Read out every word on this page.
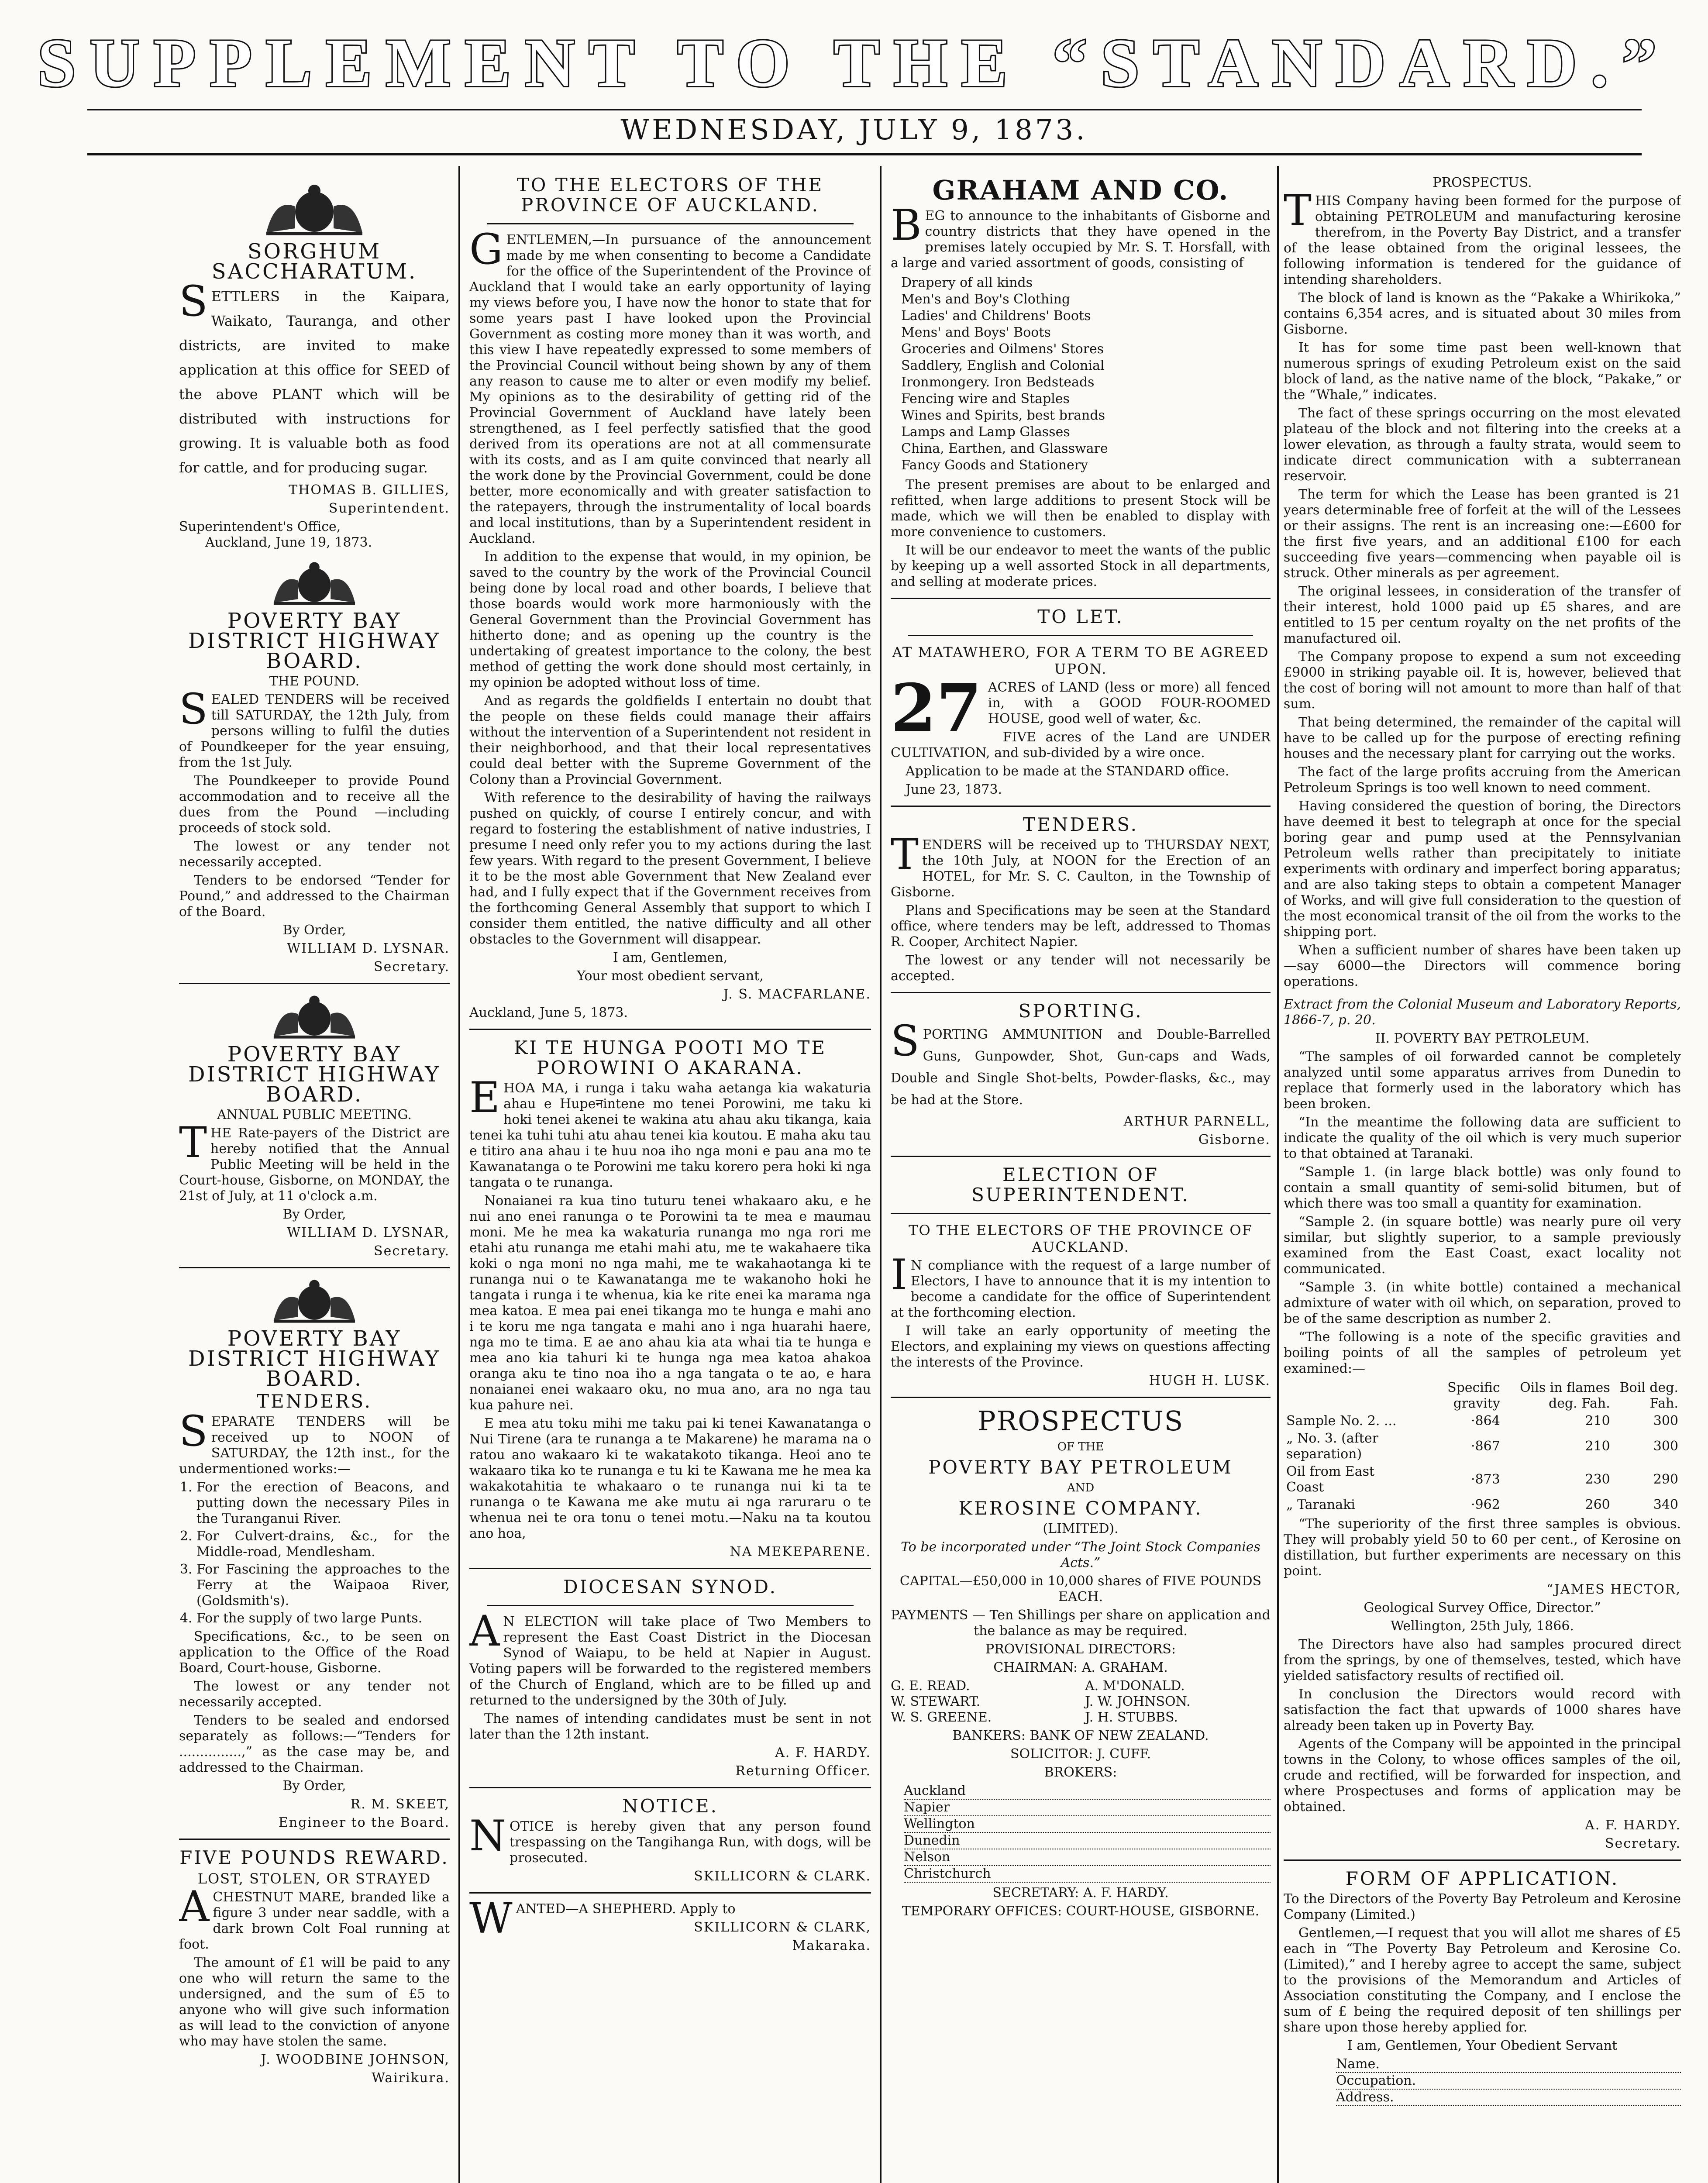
SUPPLEMENT TO THE “STANDARD.”
WEDNESDAY, JULY 9, 1873.
SORGHUM SACCHARATUM.

SETTLERS in the Kaipara, Waikato, Tauranga, and other districts, are invited to make application at this office for SEED of the above PLANT which will be distributed with instructions for growing. It is valuable both as food for cattle, and for producing sugar.

THOMAS B. GILLIES,
Superintendent.
Superintendent's Office,
Auckland, June 19, 1873.
POVERTY BAY DISTRICT HIGHWAY BOARD.
THE POUND.

SEALED TENDERS will be received till SATURDAY, the 12th July, from persons willing to fulfil the duties of Poundkeeper for the year ensuing, from the 1st July.

The Poundkeeper to provide Pound accommodation and to receive all the dues from the Pound —including proceeds of stock sold.

The lowest or any tender not necessarily accepted.

Tenders to be endorsed “Tender for Pound,” and addressed to the Chairman of the Board.

By Order,
WILLIAM D. LYSNAR.
Secretary.
POVERTY BAY DISTRICT HIGHWAY BOARD.
ANNUAL PUBLIC MEETING.

THE Rate-payers of the District are hereby notified that the Annual Public Meeting will be held in the Court-house, Gisborne, on MONDAY, the 21st of July, at 11 o'clock a.m.

By Order,
WILLIAM D. LYSNAR,
Secretary.
POVERTY BAY DISTRICT HIGHWAY BOARD.
TENDERS.

SEPARATE TENDERS will be received up to NOON of SATURDAY, the 12th inst., for the undermentioned works:—

1. For the erection of Beacons, and putting down the necessary Piles in the Turanganui River.
2. For Culvert-drains, &c., for the Middle-road, Mendlesham.
3. For Fascining the approaches to the Ferry at the Waipaoa River, (Goldsmith's).
4. For the supply of two large Punts.

Specifications, &c., to be seen on application to the Office of the Road Board, Court-house, Gisborne.

The lowest or any tender not necessarily accepted.

Tenders to be sealed and endorsed separately as follows:—“Tenders for ...............,” as the case may be, and addressed to the Chairman.

By Order,
R. M. SKEET,
Engineer to the Board.
FIVE POUNDS REWARD.
LOST, STOLEN, OR STRAYED

ACHESTNUT MARE, branded like a figure 3 under near saddle, with a dark brown Colt Foal running at foot.

The amount of £1 will be paid to any one who will return the same to the undersigned, and the sum of £5 to anyone who will give such information as will lead to the conviction of anyone who may have stolen the same.

J. WOODBINE JOHNSON,
Wairikura.
TO THE ELECTORS OF THE PROVINCE OF AUCKLAND.

GENTLEMEN,—In pursuance of the announcement made by me when consenting to become a Candidate for the office of the Superintendent of the Province of Auckland that I would take an early opportunity of laying my views before you, I have now the honor to state that for some years past I have looked upon the Provincial Government as costing more money than it was worth, and this view I have repeatedly expressed to some members of the Provincial Council without being shown by any of them any reason to cause me to alter or even modify my belief. My opinions as to the desirability of getting rid of the Provincial Government of Auckland have lately been strengthened, as I feel perfectly satisfied that the good derived from its operations are not at all commensurate with its costs, and as I am quite convinced that nearly all the work done by the Provincial Government, could be done better, more economically and with greater satisfaction to the ratepayers, through the instrumentality of local boards and local institutions, than by a Superintendent resident in Auckland.

In addition to the expense that would, in my opinion, be saved to the country by the work of the Provincial Council being done by local road and other boards, I believe that those boards would work more harmoniously with the General Government than the Provincial Government has hitherto done; and as opening up the country is the undertaking of greatest importance to the colony, the best method of getting the work done should most certainly, in my opinion be adopted without loss of time.

And as regards the goldfields I entertain no doubt that the people on these fields could manage their affairs without the intervention of a Superintendent not resident in their neighborhood, and that their local representatives could deal better with the Supreme Government of the Colony than a Provincial Government.

With reference to the desirability of having the railways pushed on quickly, of course I entirely concur, and with regard to fostering the establishment of native industries, I presume I need only refer you to my actions during the last few years. With regard to the present Government, I believe it to be the most able Government that New Zealand ever had, and I fully expect that if the Government receives from the forthcoming General Assembly that support to which I consider them entitled, the native difficulty and all other obstacles to the Government will disappear.

I am, Gentlemen,
Your most obedient servant,
J. S. MACFARLANE.
Auckland, June 5, 1873.
KI TE HUNGA POOTI MO TE POROWINI O AKARANA.

EHOA MA, i runga i taku waha aetanga kia wakaturia ahau e Hupeनintene mo tenei Porowini, me taku ki hoki tenei akenei te wakina atu ahau aku tikanga, kaia tenei ka tuhi tuhi atu ahau tenei kia koutou. E maha aku tau e titiro ana ahau i te huu noa iho nga moni e pau ana mo te Kawanatanga o te Porowini me taku korero pera hoki ki nga tangata o te runanga.

Nonaianei ra kua tino tuturu tenei whakaaro aku, e he nui ano enei ranunga o te Porowini ta te mea e maumau moni. Me he mea ka wakaturia runanga mo nga rori me etahi atu runanga me etahi mahi atu, me te wakahaere tika koki o nga moni no nga mahi, me te wakahaotanga ki te runanga nui o te Kawanatanga me te wakanoho hoki he tangata i runga i te whenua, kia ke rite enei ka marama nga mea katoa. E mea pai enei tikanga mo te hunga e mahi ano i te koru me nga tangata e mahi ano i nga huarahi haere, nga mo te tima. E ae ano ahau kia ata whai tia te hunga e mea ano kia tahuri ki te hunga nga mea katoa ahakoa oranga aku te tino noa iho a nga tangata o te ao, e hara nonaianei enei wakaaro oku, no mua ano, ara no nga tau kua pahure nei.

E mea atu toku mihi me taku pai ki tenei Kawanatanga o Nui Tirene (ara te runanga a te Makarene) he marama na o ratou ano wakaaro ki te wakatakoto tikanga. Heoi ano te wakaaro tika ko te runanga e tu ki te Kawana me he mea ka wakakotahitia te whakaaro o te runanga nui ki ta te runanga o te Kawana me ake mutu ai nga raruraru o te whenua nei te ora tonu o tenei motu.—Naku na ta koutou ano hoa,

NA MEKEPARENE.
DIOCESAN SYNOD.

AN ELECTION will take place of Two Members to represent the East Coast District in the Diocesan Synod of Waiapu, to be held at Napier in August. Voting papers will be forwarded to the registered members of the Church of England, which are to be filled up and returned to the undersigned by the 30th of July.

The names of intending candidates must be sent in not later than the 12th instant.

A. F. HARDY.
Returning Officer.
NOTICE.

NOTICE is hereby given that any person found trespassing on the Tangihanga Run, with dogs, will be prosecuted.

SKILLICORN & CLARK.

WANTED—A SHEPHERD. Apply to

SKILLICORN & CLARK,
Makaraka.
GRAHAM AND CO.

BEG to announce to the inhabitants of Gisborne and country districts that they have opened in the premises lately occupied by Mr. S. T. Horsfall, with a large and varied assortment of goods, consisting of

Drapery of all kinds
Men's and Boy's Clothing
Ladies' and Childrens' Boots
Mens' and Boys' Boots
Groceries and Oilmens' Stores
Saddlery, English and Colonial
Ironmongery. Iron Bedsteads
Fencing wire and Staples
Wines and Spirits, best brands
Lamps and Lamp Glasses
China, Earthen, and Glassware
Fancy Goods and Stationery

The present premises are about to be enlarged and refitted, when large additions to present Stock will be made, which we will then be enabled to display with more convenience to customers.

It will be our endeavor to meet the wants of the public by keeping up a well assorted Stock in all departments, and selling at moderate prices.

TO LET.
AT MATAWHERO, FOR A TERM TO BE AGREED UPON.

27 ACRES of LAND (less or more) all fenced in, with a GOOD FOUR-ROOMED HOUSE, good well of water, &c.

FIVE acres of the Land are UNDER CULTIVATION, and sub-divided by a wire once.

Application to be made at the STANDARD office.

June 23, 1873.
TENDERS.

TENDERS will be received up to THURSDAY NEXT, the 10th July, at NOON for the Erection of an HOTEL, for Mr. S. C. Caulton, in the Township of Gisborne.

Plans and Specifications may be seen at the Standard office, where tenders may be left, addressed to Thomas R. Cooper, Architect Napier.

The lowest or any tender will not necessarily be accepted.

SPORTING.

SPORTING AMMUNITION and Double-Barrelled Guns, Gunpowder, Shot, Gun-caps and Wads, Double and Single Shot-belts, Powder-flasks, &c., may be had at the Store.

ARTHUR PARNELL,
Gisborne.
ELECTION OF SUPERINTENDENT.
TO THE ELECTORS OF THE PROVINCE OF AUCKLAND.

IN compliance with the request of a large number of Electors, I have to announce that it is my intention to become a candidate for the office of Superintendent at the forthcoming election.

I will take an early opportunity of meeting the Electors, and explaining my views on questions affecting the interests of the Province.

HUGH H. LUSK.
PROSPECTUS
OF THE
POVERTY BAY PETROLEUM
AND
KEROSINE COMPANY.
(LIMITED).

To be incorporated under “The Joint Stock Companies Acts.”

CAPITAL—£50,000 in 10,000 shares of FIVE POUNDS EACH.

PAYMENTS — Ten Shillings per share on application and the balance as may be required.

PROVISIONAL DIRECTORS:
CHAIRMAN: A. GRAHAM.
G. E. READ.	A. M'DONALD.
W. STEWART.	J. W. JOHNSON.
W. S. GREENE.	J. H. STUBBS.
BANKERS: BANK OF NEW ZEALAND.
SOLICITOR: J. CUFF.
BROKERS:
Auckland
Napier
Wellington
Dunedin
Nelson
Christchurch
SECRETARY: A. F. HARDY.
TEMPORARY OFFICES: COURT-HOUSE, GISBORNE.
PROSPECTUS.

THIS Company having been formed for the purpose of obtaining PETROLEUM and manufacturing kerosine therefrom, in the Poverty Bay District, and a transfer of the lease obtained from the original lessees, the following information is tendered for the guidance of intending shareholders.

The block of land is known as the “Pakake a Whirikoka,” contains 6,354 acres, and is situated about 30 miles from Gisborne.

It has for some time past been well-known that numerous springs of exuding Petroleum exist on the said block of land, as the native name of the block, “Pakake,” or the “Whale,” indicates.

The fact of these springs occurring on the most elevated plateau of the block and not filtering into the creeks at a lower elevation, as through a faulty strata, would seem to indicate direct communication with a subterranean reservoir.

The term for which the Lease has been granted is 21 years determinable free of forfeit at the will of the Lessees or their assigns. The rent is an increasing one:—£600 for the first five years, and an additional £100 for each succeeding five years—commencing when payable oil is struck. Other minerals as per agreement.

The original lessees, in consideration of the transfer of their interest, hold 1000 paid up £5 shares, and are entitled to 15 per centum royalty on the net profits of the manufactured oil.

The Company propose to expend a sum not exceeding £9000 in striking payable oil. It is, however, believed that the cost of boring will not amount to more than half of that sum.

That being determined, the remainder of the capital will have to be called up for the purpose of erecting refining houses and the necessary plant for carrying out the works.

The fact of the large profits accruing from the American Petroleum Springs is too well known to need comment.

Having considered the question of boring, the Directors have deemed it best to telegraph at once for the special boring gear and pump used at the Pennsylvanian Petroleum wells rather than precipitately to initiate experiments with ordinary and imperfect boring apparatus; and are also taking steps to obtain a competent Manager of Works, and will give full consideration to the question of the most economical transit of the oil from the works to the shipping port.

When a sufficient number of shares have been taken up—say 6000—the Directors will commence boring operations.

Extract from the Colonial Museum and Laboratory Reports, 1866-7, p. 20.

II. POVERTY BAY PETROLEUM.

“The samples of oil forwarded cannot be completely analyzed until some apparatus arrives from Dunedin to replace that formerly used in the laboratory which has been broken.

“In the meantime the following data are sufficient to indicate the quality of the oil which is very much superior to that obtained at Taranaki.

“Sample 1. (in large black bottle) was only found to contain a small quantity of semi-solid bitumen, but of which there was too small a quantity for examination.

“Sample 2. (in square bottle) was nearly pure oil very similar, but slightly superior, to a sample previously examined from the East Coast, exact locality not communicated.

“Sample 3. (in white bottle) contained a mechanical admixture of water with oil which, on separation, proved to be of the same description as number 2.

“The following is a note of the specific gravities and boiling points of all the samples of petroleum yet examined:—

	Specific gravity	Oils in flames deg. Fah.	Boil deg. Fah.
Sample No. 2. ...	·864	210	300
„ No. 3. (after separation)	·867	210	300
Oil from East Coast	·873	230	290
„ Taranaki	·962	260	340

“The superiority of the first three samples is obvious. They will probably yield 50 to 60 per cent., of Kerosine on distillation, but further experiments are necessary on this point.

“JAMES HECTOR,
Geological Survey Office, Director.”
Wellington, 25th July, 1866.

The Directors have also had samples procured direct from the springs, by one of themselves, tested, which have yielded satisfactory results of rectified oil.

In conclusion the Directors would record with satisfaction the fact that upwards of 1000 shares have already been taken up in Poverty Bay.

Agents of the Company will be appointed in the principal towns in the Colony, to whose offices samples of the oil, crude and rectified, will be forwarded for inspection, and where Prospectuses and forms of application may be obtained.

A. F. HARDY.
Secretary.
FORM OF APPLICATION.

To the Directors of the Poverty Bay Petroleum and Kerosine Company (Limited.)

Gentlemen,—I request that you will allot me shares of £5 each in “The Poverty Bay Petroleum and Kerosine Co. (Limited),” and I hereby agree to accept the same, subject to the provisions of the Memorandum and Articles of Association constituting the Company, and I enclose the sum of £ being the required deposit of ten shillings per share upon those hereby applied for.

I am, Gentlemen, Your Obedient Servant
Name.
Occupation.
Address.
